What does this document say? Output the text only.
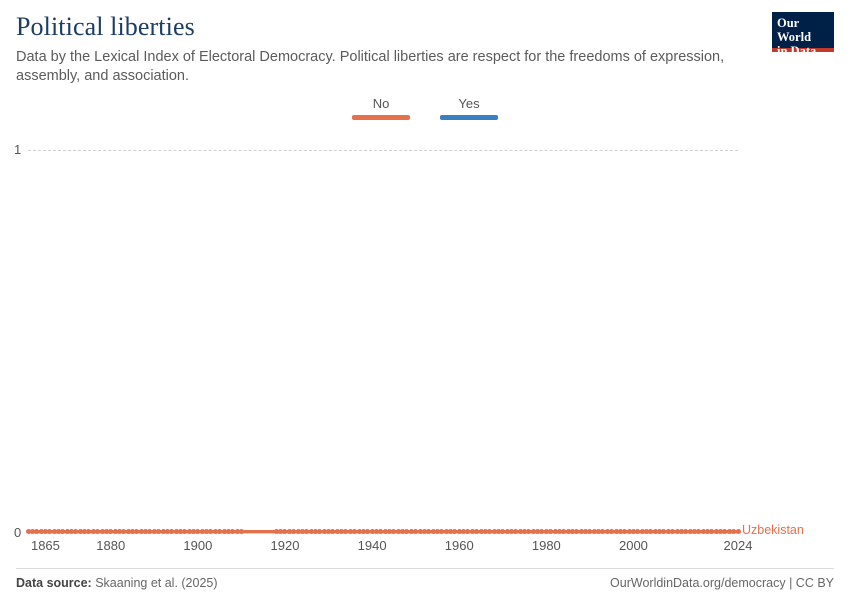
Political liberties

Data by the Lexical Index of Electoral Democracy. Political liberties are respect for the freedoms of expression, assembly, and association.

Our World
in Data
No	Yes
1
0	Uzbekistan
1865	1880	1900	1920	1940	1960	1980	2000	2024
Data source: Skaaning et al. (2025)	OurWorldinData.org/democracy | CC BY
